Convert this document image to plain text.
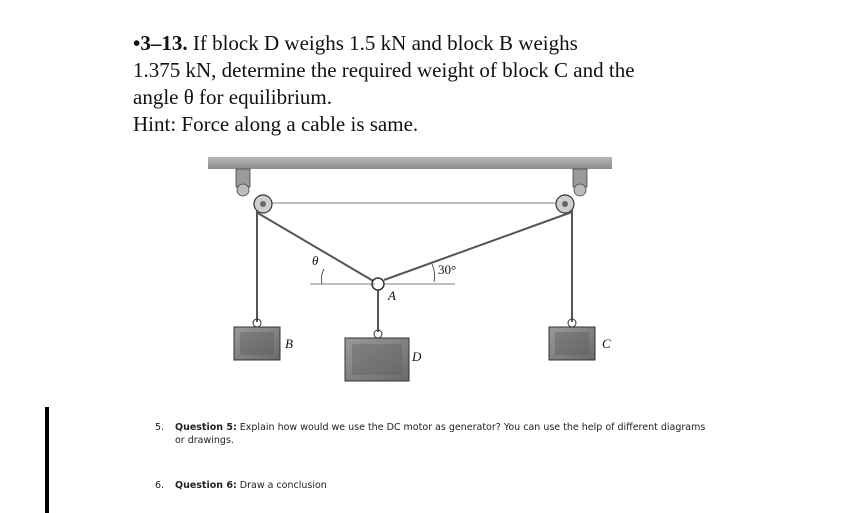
•3–13. If block D weighs 1.5 kN and block B weighs
1.375 kN, determine the required weight of block C and the
angle θ for equilibrium.
Hint: Force along a cable is same.
B	C
D
A
θ
30°
5.	Question 5: Explain how would we use the DC motor as generator? You can use the help of different diagrams or drawings.
6.	Question 6: Draw a conclusion
